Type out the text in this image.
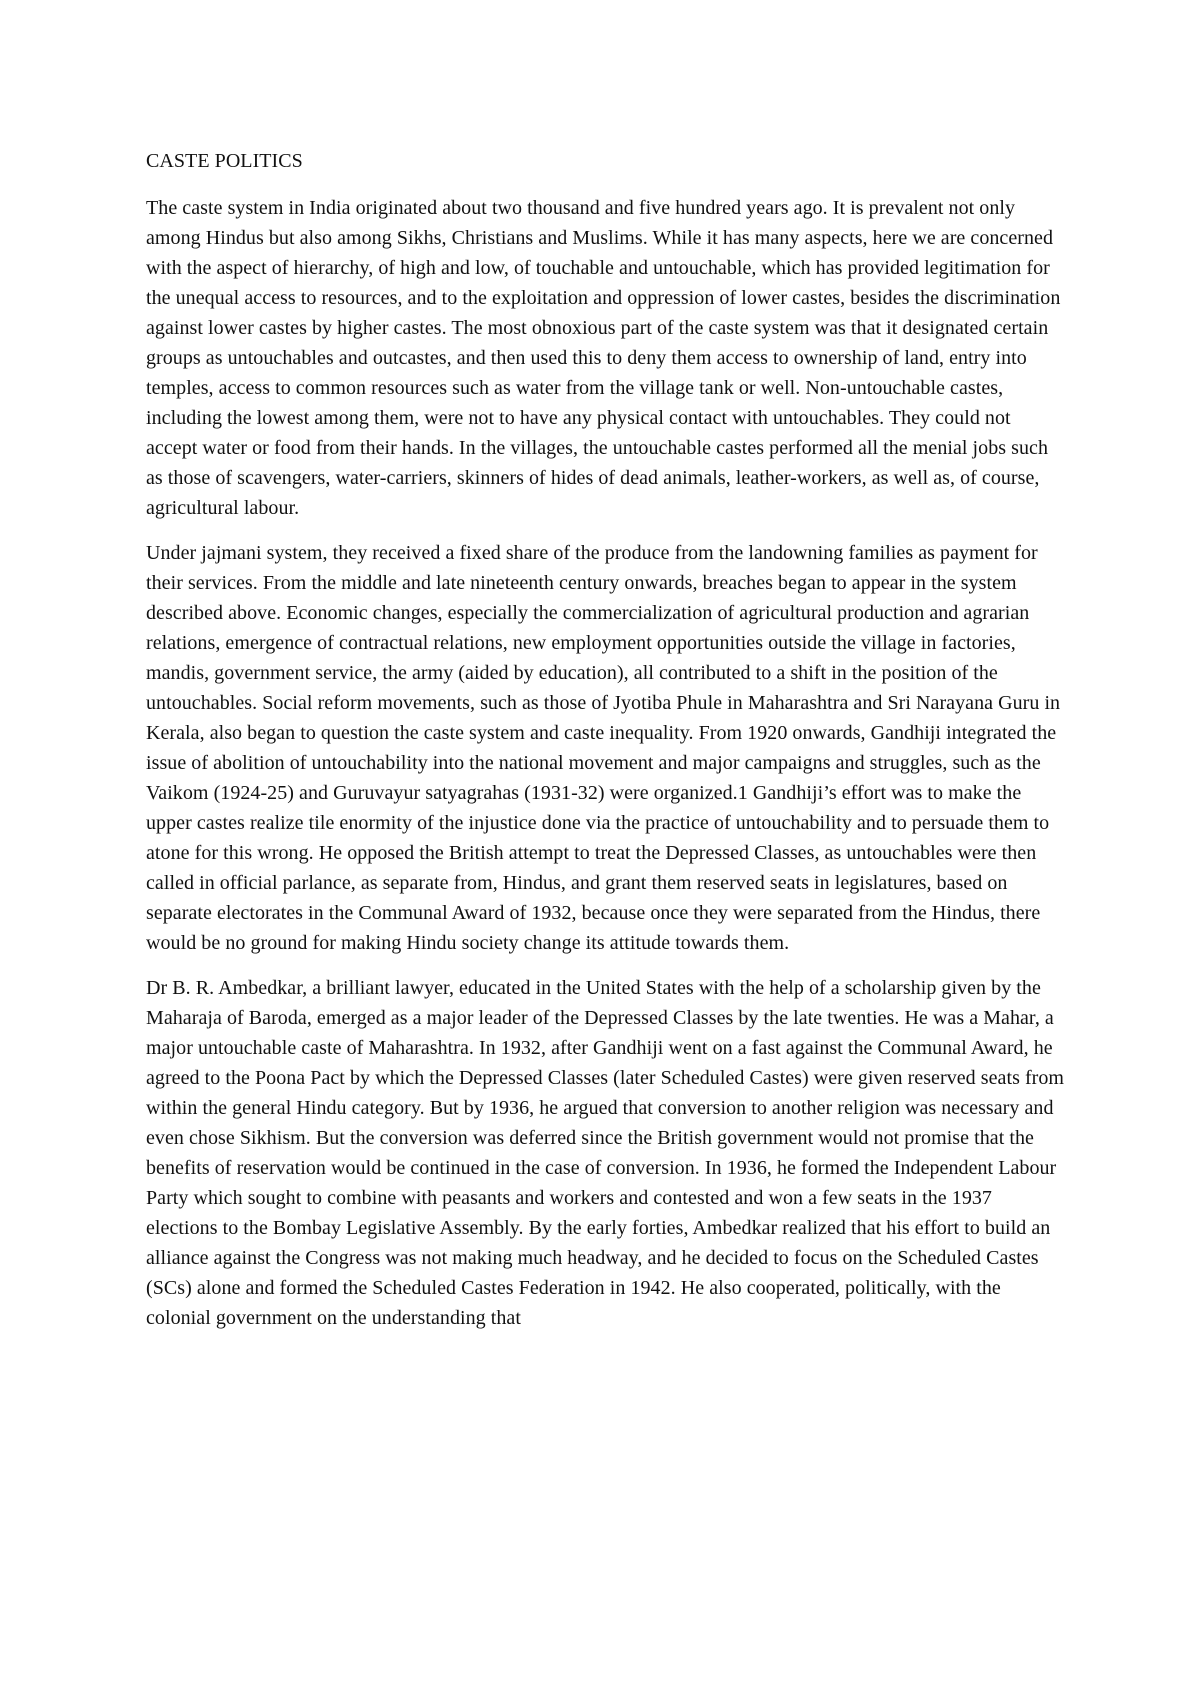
CASTE POLITICS

The caste system in India originated about two thousand and five hundred years ago. It is prevalent not only among Hindus but also among Sikhs, Christians and Muslims. While it has many aspects, here we are concerned with the aspect of hierarchy, of high and low, of touchable and untouchable, which has provided legitimation for the unequal access to resources, and to the exploitation and oppression of lower castes, besides the discrimination against lower castes by higher castes. The most obnoxious part of the caste system was that it designated certain groups as untouchables and outcastes, and then used this to deny them access to ownership of land, entry into temples, access to common resources such as water from the village tank or well. Non-untouchable castes, including the lowest among them, were not to have any physical contact with untouchables. They could not accept water or food from their hands. In the villages, the untouchable castes performed all the menial jobs such as those of scavengers, water-carriers, skinners of hides of dead animals, leather-workers, as well as, of course, agricultural labour.

Under jajmani system, they received a fixed share of the produce from the landowning families as payment for their services. From the middle and late nineteenth century onwards, breaches began to appear in the system described above. Economic changes, especially the commercialization of agricultural production and agrarian relations, emergence of contractual relations, new employment opportunities outside the village in factories, mandis, government service, the army (aided by education), all contributed to a shift in the position of the untouchables. Social reform movements, such as those of Jyotiba Phule in Maharashtra and Sri Narayana Guru in Kerala, also began to question the caste system and caste inequality. From 1920 onwards, Gandhiji integrated the issue of abolition of untouchability into the national movement and major campaigns and struggles, such as the Vaikom (1924-25) and Guruvayur satyagrahas (1931-32) were organized.1 Gandhiji’s effort was to make the upper castes realize tile enormity of the injustice done via the practice of untouchability and to persuade them to atone for this wrong. He opposed the British attempt to treat the Depressed Classes, as untouchables were then called in official parlance, as separate from, Hindus, and grant them reserved seats in legislatures, based on separate electorates in the Communal Award of 1932, because once they were separated from the Hindus, there would be no ground for making Hindu society change its attitude towards them.

Dr B. R. Ambedkar, a brilliant lawyer, educated in the United States with the help of a scholarship given by the Maharaja of Baroda, emerged as a major leader of the Depressed Classes by the late twenties. He was a Mahar, a major untouchable caste of Maharashtra. In 1932, after Gandhiji went on a fast against the Communal Award, he agreed to the Poona Pact by which the Depressed Classes (later Scheduled Castes) were given reserved seats from within the general Hindu category. But by 1936, he argued that conversion to another religion was necessary and even chose Sikhism. But the conversion was deferred since the British government would not promise that the benefits of reservation would be continued in the case of conversion. In 1936, he formed the Independent Labour Party which sought to combine with peasants and workers and contested and won a few seats in the 1937 elections to the Bombay Legislative Assembly. By the early forties, Ambedkar realized that his effort to build an alliance against the Congress was not making much headway, and he decided to focus on the Scheduled Castes (SCs) alone and formed the Scheduled Castes Federation in 1942. He also cooperated, politically, with the colonial government on the understanding that
